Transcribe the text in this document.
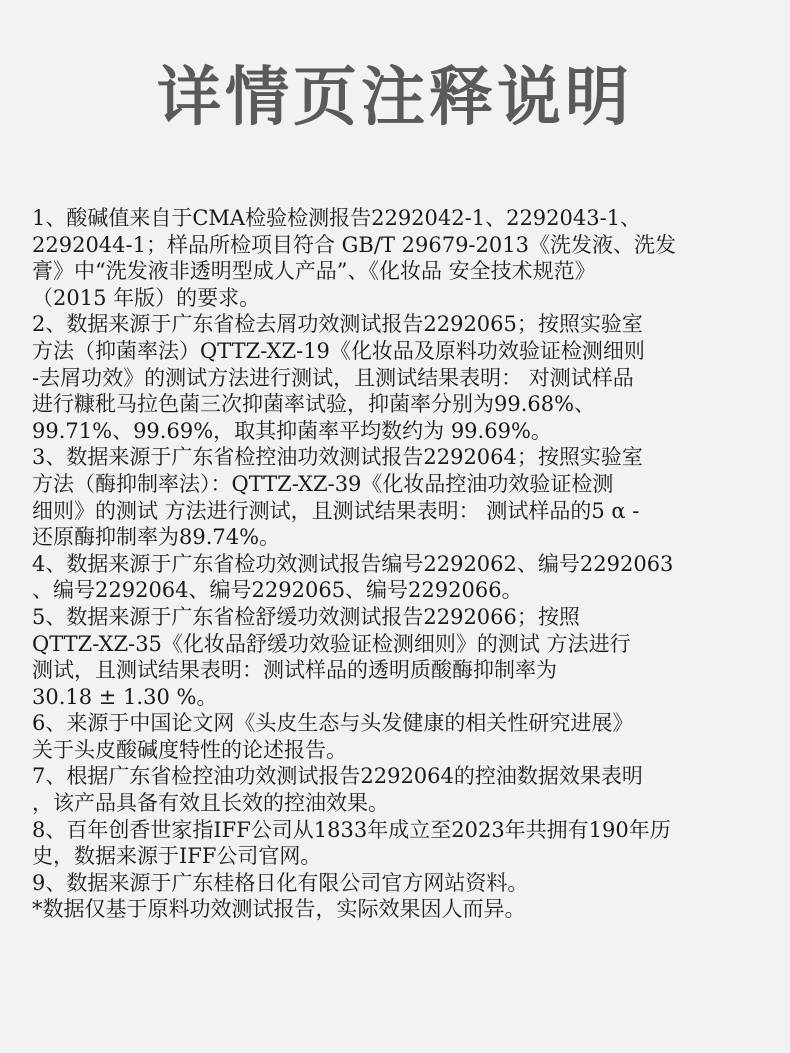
详情页注释说明
1、酸碱值来自于CMA检验检测报告2292042-1、2292043-1、
2292044-1；样品所检项目符合 GB/T 29679-2013《洗发液、洗发
膏》中“洗发液非透明型成人产品”、《化妆品 安全技术规范》
（2015 年版）的要求。
2、数据来源于广东省检去屑功效测试报告2292065；按照实验室
方法（抑菌率法）QTTZ-XZ-19《化妆品及原料功效验证检测细则
-去屑功效》的测试方法进行测试，且测试结果表明： 对测试样品
进行糠秕马拉色菌三次抑菌率试验，抑菌率分别为99.68%、
99.71%、99.69%，取其抑菌率平均数约为 99.69%。
3、数据来源于广东省检控油功效测试报告2292064；按照实验室
方法（酶抑制率法）：QTTZ-XZ-39《化妆品控油功效验证检测
细则》的测试 方法进行测试，且测试结果表明： 测试样品的5 α -
还原酶抑制率为89.74%。
4、数据来源于广东省检功效测试报告编号2292062、编号2292063
、编号2292064、编号2292065、编号2292066。
5、数据来源于广东省检舒缓功效测试报告2292066；按照
QTTZ-XZ-35《化妆品舒缓功效验证检测细则》的测试 方法进行
测试，且测试结果表明：测试样品的透明质酸酶抑制率为
30.18 ± 1.30 %。
6、来源于中国论文网《头皮生态与头发健康的相关性研究进展》
关于头皮酸碱度特性的论述报告。
7、根据广东省检控油功效测试报告2292064的控油数据效果表明
，该产品具备有效且长效的控油效果。
8、百年创香世家指IFF公司从1833年成立至2023年共拥有190年历
史，数据来源于IFF公司官网。
9、数据来源于广东桂格日化有限公司官方网站资料。
*数据仅基于原料功效测试报告，实际效果因人而异。
